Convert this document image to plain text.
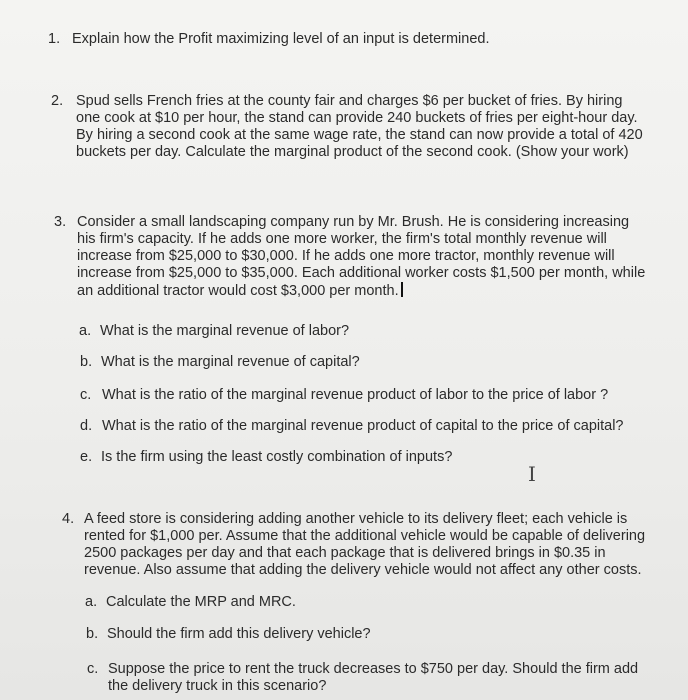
1. Explain how the Profit maximizing level of an input is determined.
2. Spud sells French fries at the county fair and charges $6 per bucket of fries. By hiring
one cook at $10 per hour, the stand can provide 240 buckets of fries per eight-hour day.
By hiring a second cook at the same wage rate, the stand can now provide a total of 420
buckets per day. Calculate the marginal product of the second cook. (Show your work)
3. Consider a small landscaping company run by Mr. Brush. He is considering increasing
his firm's capacity. If he adds one more worker, the firm's total monthly revenue will
increase from $25,000 to $30,000. If he adds one more tractor, monthly revenue will
increase from $25,000 to $35,000. Each additional worker costs $1,500 per month, while
an additional tractor would cost $3,000 per month.
a. What is the marginal revenue of labor?
b. What is the marginal revenue of capital?
c. What is the ratio of the marginal revenue product of labor to the price of labor ?
d. What is the ratio of the marginal revenue product of capital to the price of capital?
e. Is the firm using the least costly combination of inputs?
I
4. A feed store is considering adding another vehicle to its delivery fleet; each vehicle is
rented for $1,000 per. Assume that the additional vehicle would be capable of delivering
2500 packages per day and that each package that is delivered brings in $0.35 in
revenue. Also assume that adding the delivery vehicle would not affect any other costs.
a. Calculate the MRP and MRC.
b. Should the firm add this delivery vehicle?
c. Suppose the price to rent the truck decreases to $750 per day. Should the firm add
the delivery truck in this scenario?
